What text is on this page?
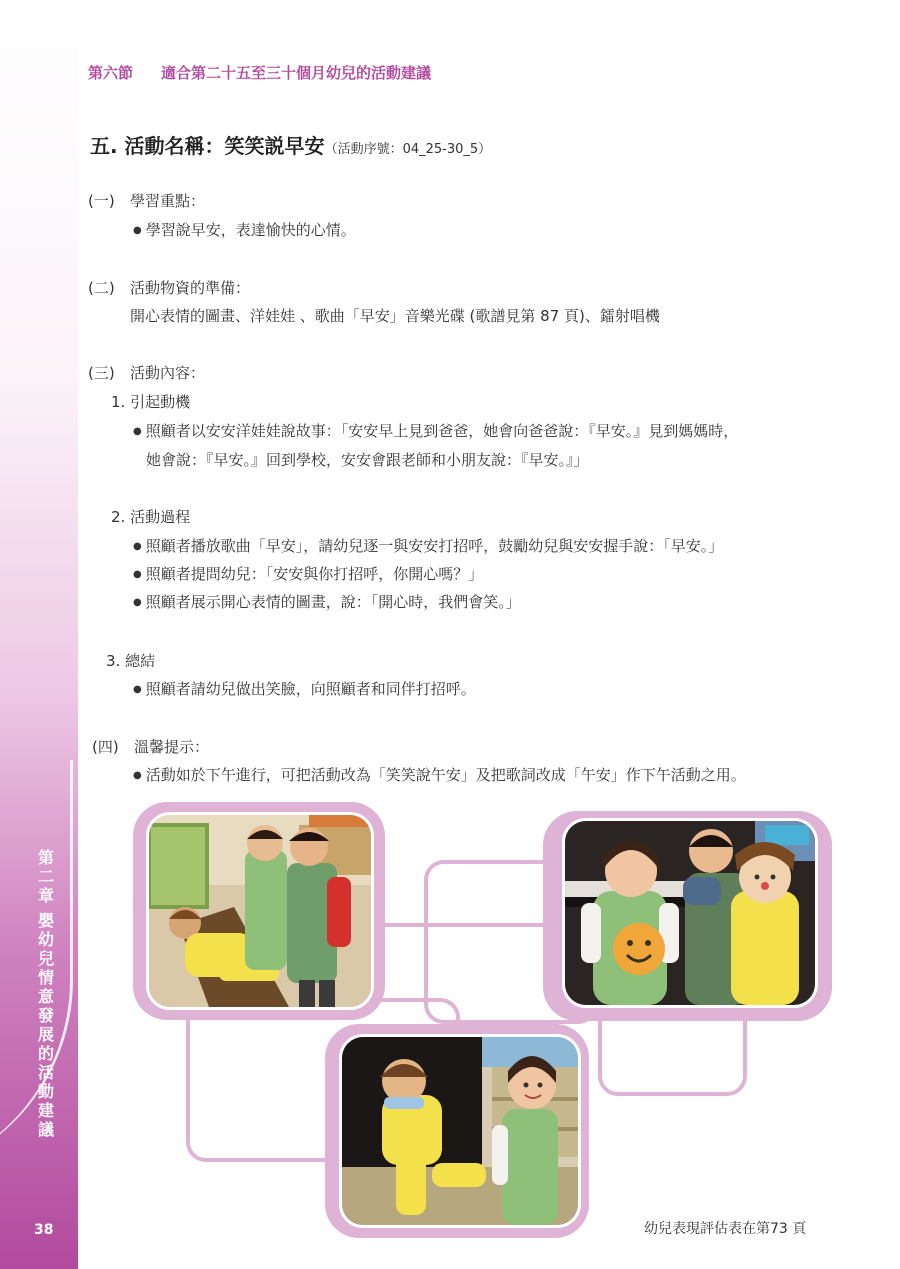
第二章
嬰幼兒情意發展的活動建議
38
第六節 適合第二十五至三十個月幼兒的活動建議
五. 活動名稱：笑笑説早安（活動序號：04_25-30_5）
(一) 學習重點：
● 學習說早安，表達愉快的心情。
(二) 活動物資的準備：
開心表情的圖畫、洋娃娃 、歌曲「早安」音樂光碟 (歌譜見第 87 頁)、鐳射唱機
(三) 活動內容：
1. 引起動機
● 照顧者以安安洋娃娃說故事：「安安早上見到爸爸，她會向爸爸說：『早安。』見到媽媽時，
她會說：『早安。』回到學校，安安會跟老師和小朋友說：『早安。』」
2. 活動過程
● 照顧者播放歌曲「早安」，請幼兒逐一與安安打招呼，鼓勵幼兒與安安握手說：「早安。」
● 照顧者提問幼兒：「安安與你打招呼，你開心嗎？」
● 照顧者展示開心表情的圖畫，說：「開心時，我們會笑。」
3. 總結
● 照顧者請幼兒做出笑臉，向照顧者和同伴打招呼。
(四) 溫馨提示：
● 活動如於下午進行，可把活動改為「笑笑說午安」及把歌詞改成「午安」作下午活動之用。
幼兒表現評估表在第73 頁
